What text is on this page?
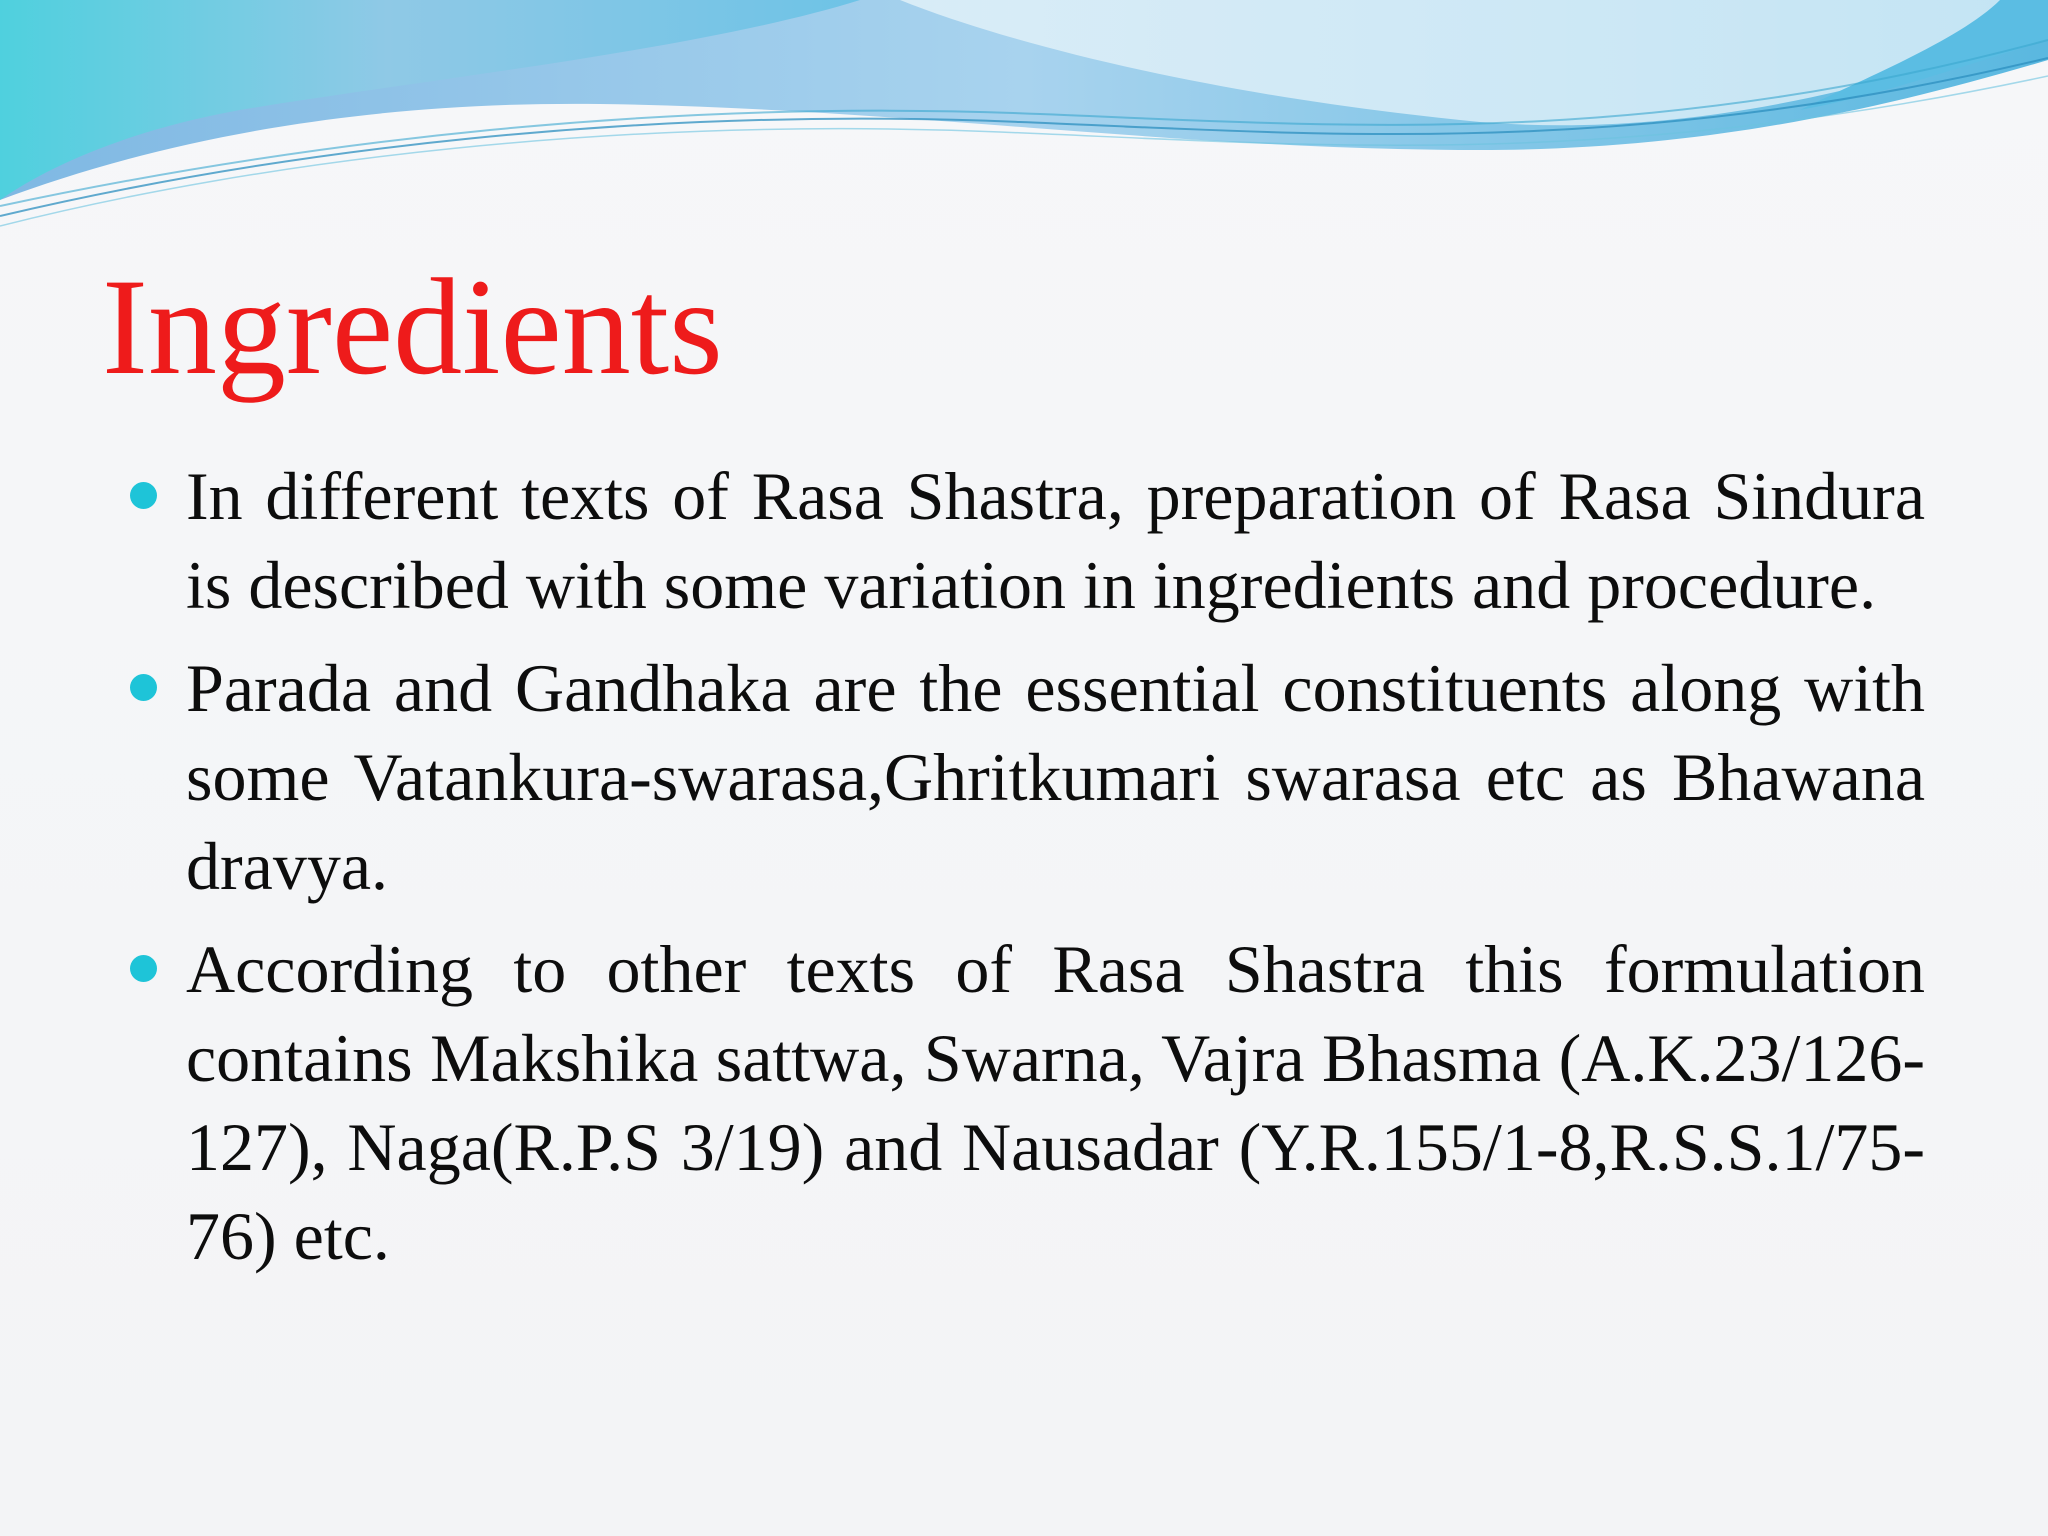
Ingredients
In different texts of Rasa Shastra, preparation of Rasa Sindura is described with some variation in ingredients and procedure.
Parada and Gandhaka are the essential constituents along with some Vatankura-swarasa,Ghritkumari swarasa etc as Bhawana dravya.
According to other texts of Rasa Shastra this formulation contains Makshika sattwa, Swarna, Vajra Bhasma (A.K.23/126-127), Naga(R.P.S 3/19) and Nausadar (Y.R.155/1-8,R.S.S.1/75-76) etc.
